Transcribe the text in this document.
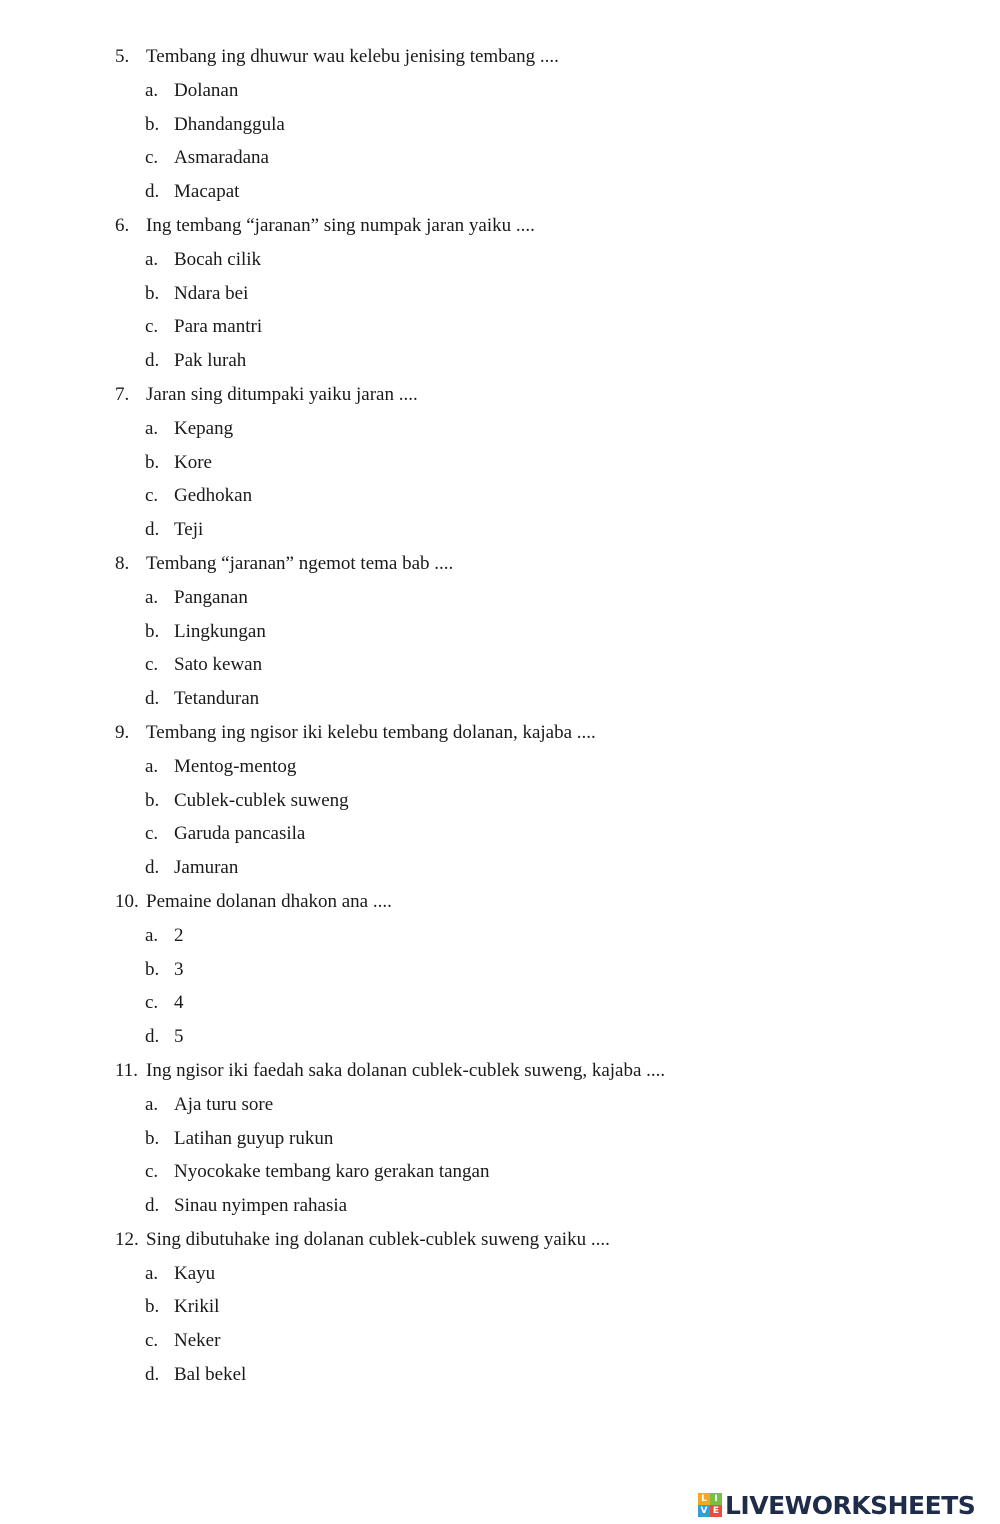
5. Tembang ing dhuwur wau kelebu jenising tembang ....
a. Dolanan
b. Dhandanggula
c. Asmaradana
d. Macapat
6. Ing tembang “jaranan” sing numpak jaran yaiku ....
a. Bocah cilik
b. Ndara bei
c. Para mantri
d. Pak lurah
7. Jaran sing ditumpaki yaiku jaran ....
a. Kepang
b. Kore
c. Gedhokan
d. Teji
8. Tembang “jaranan” ngemot tema bab ....
a. Panganan
b. Lingkungan
c. Sato kewan
d. Tetanduran
9. Tembang ing ngisor iki kelebu tembang dolanan, kajaba ....
a. Mentog-mentog
b. Cublek-cublek suweng
c. Garuda pancasila
d. Jamuran
10. Pemaine dolanan dhakon ana ....
a. 2
b. 3
c. 4
d. 5
11. Ing ngisor iki faedah saka dolanan cublek-cublek suweng, kajaba ....
a. Aja turu sore
b. Latihan guyup rukun
c. Nyocokake tembang karo gerakan tangan
d. Sinau nyimpen rahasia
12. Sing dibutuhake ing dolanan cublek-cublek suweng yaiku ....
a. Kayu
b. Krikil
c. Neker
d. Bal bekel
L I
V E LIVEWORKSHEETS
